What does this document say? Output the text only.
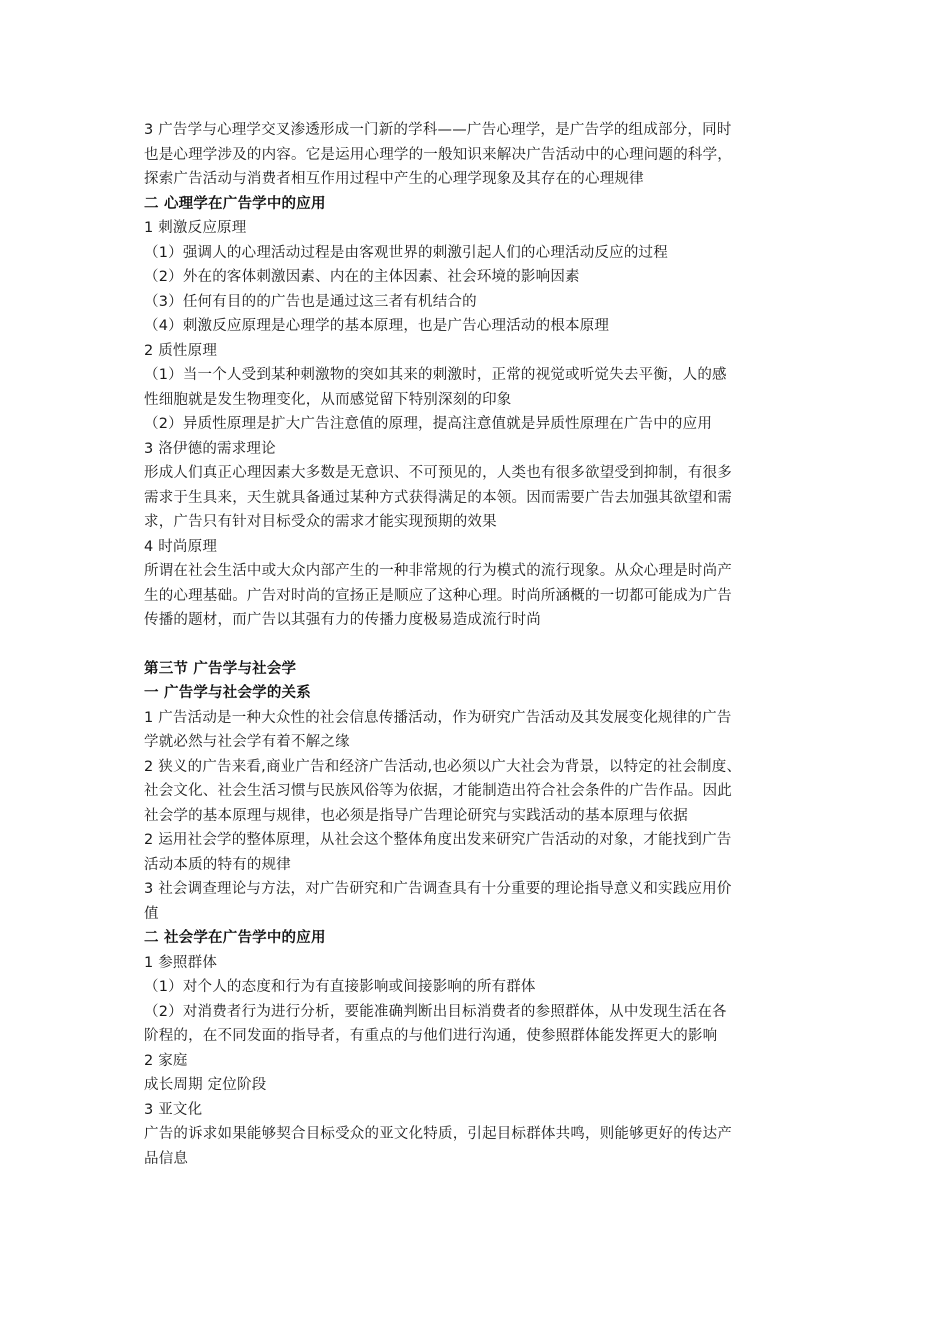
3 广告学与心理学交叉渗透形成一门新的学科——广告心理学，是广告学的组成部分，同时
也是心理学涉及的内容。它是运用心理学的一般知识来解决广告活动中的心理问题的科学，
探索广告活动与消费者相互作用过程中产生的心理学现象及其存在的心理规律
二 心理学在广告学中的应用
1 刺激反应原理
（1）强调人的心理活动过程是由客观世界的刺激引起人们的心理活动反应的过程
（2）外在的客体刺激因素、内在的主体因素、社会环境的影响因素
（3）任何有目的的广告也是通过这三者有机结合的
（4）刺激反应原理是心理学的基本原理，也是广告心理活动的根本原理
2 质性原理
（1）当一个人受到某种刺激物的突如其来的刺激时，正常的视觉或听觉失去平衡，人的感
性细胞就是发生物理变化，从而感觉留下特别深刻的印象
（2）异质性原理是扩大广告注意值的原理，提高注意值就是异质性原理在广告中的应用
3 洛伊德的需求理论
形成人们真正心理因素大多数是无意识、不可预见的，人类也有很多欲望受到抑制，有很多
需求于生具来，天生就具备通过某种方式获得满足的本领。因而需要广告去加强其欲望和需
求，广告只有针对目标受众的需求才能实现预期的效果
4 时尚原理
所谓在社会生活中或大众内部产生的一种非常规的行为模式的流行现象。从众心理是时尚产
生的心理基础。广告对时尚的宣扬正是顺应了这种心理。时尚所涵概的一切都可能成为广告
传播的题材，而广告以其强有力的传播力度极易造成流行时尚
第三节 广告学与社会学
一 广告学与社会学的关系
1 广告活动是一种大众性的社会信息传播活动，作为研究广告活动及其发展变化规律的广告
学就必然与社会学有着不解之缘
2 狭义的广告来看,商业广告和经济广告活动,也必须以广大社会为背景，以特定的社会制度、
社会文化、社会生活习惯与民族风俗等为依据，才能制造出符合社会条件的广告作品。因此
社会学的基本原理与规律，也必须是指导广告理论研究与实践活动的基本原理与依据
2 运用社会学的整体原理，从社会这个整体角度出发来研究广告活动的对象，才能找到广告
活动本质的特有的规律
3 社会调查理论与方法，对广告研究和广告调查具有十分重要的理论指导意义和实践应用价
值
二 社会学在广告学中的应用
1 参照群体
（1）对个人的态度和行为有直接影响或间接影响的所有群体
（2）对消费者行为进行分析，要能准确判断出目标消费者的参照群体，从中发现生活在各
阶程的，在不同发面的指导者，有重点的与他们进行沟通，使参照群体能发挥更大的影响
2 家庭
成长周期 定位阶段
3 亚文化
广告的诉求如果能够契合目标受众的亚文化特质，引起目标群体共鸣，则能够更好的传达产
品信息
